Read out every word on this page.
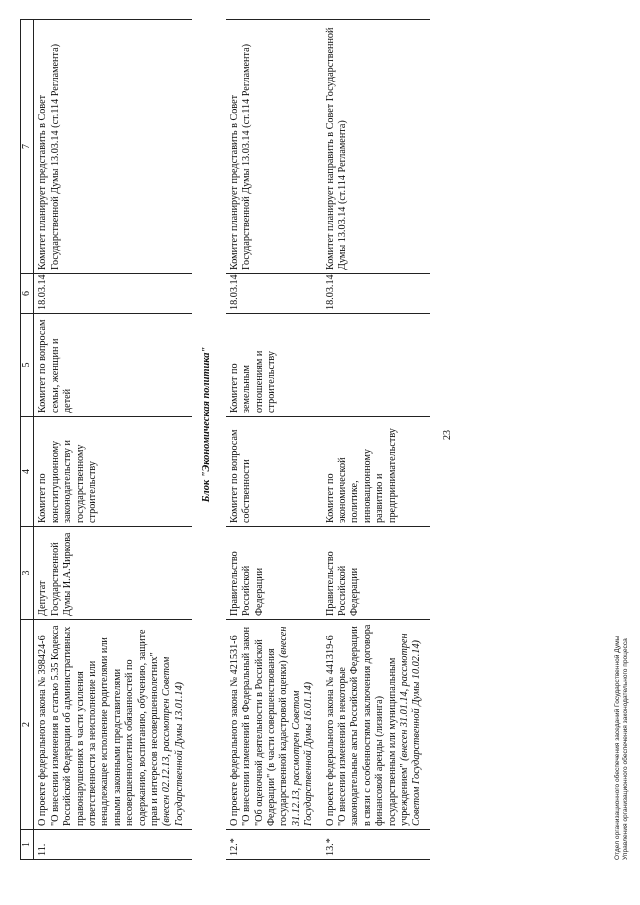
23
1	2	3	4	5	6	7
11.	О проекте федерального закона № 398424-6 "О внесении изменения в статью 5.35 Кодекса Российской Федерации об административных правонарушениях в части усиления ответственности за неисполнение или ненадлежащее исполнение родителями или иными законными представителями несовершеннолетних обязанностей по содержанию, воспитанию, обучению, защите прав и интересов несовершеннолетних" (внесен 02.12.13, рассмотрен Советом Государственной Думы 13.01.14)	Депутат Государственной Думы И.А.Чиркова	Комитет по конституционному законодательству и государственному строительству	Комитет по вопросам семьи, женщин и детей	18.03.14	Комитет планирует представить в Совет Государственной Думы 13.03.14 (ст.114 Регламента)
	Блок "Экономическая политика"					
12.*	О проекте федерального закона № 421531-6 "О внесении изменений в Федеральный закон "Об оценочной деятельности в Российской Федерации" (в части совершенствования государственной кадастровой оценки) (внесен 31.12.13, рассмотрен Советом Государственной Думы 16.01.14)	Правительство Российской Федерации	Комитет по вопросам собственности	Комитет по земельным отношениям и строительству	18.03.14	Комитет планирует представить в Совет Государственной Думы 13.03.14 (ст.114 Регламента)
13.*	О проекте федерального закона № 441319-6 "О внесении изменений в некоторые законодательные акты Российской Федерации в связи с особенностями заключения договора финансовой аренды (лизинга) государственным или муниципальным учреждением" (внесен 31.01.14, рассмотрен Советом Государственной Думы 10.02.14)	Правительство Российской Федерации	Комитет по экономической политике, инновационному развитию и предпринимательству		18.03.14	Комитет планирует направить в Совет Государственной Думы 13.03.14 (ст.114 Регламента)
Отдел организационного обеспечения заседаний Государственной Думы Управления организационного обеспечения законодательного процесса
